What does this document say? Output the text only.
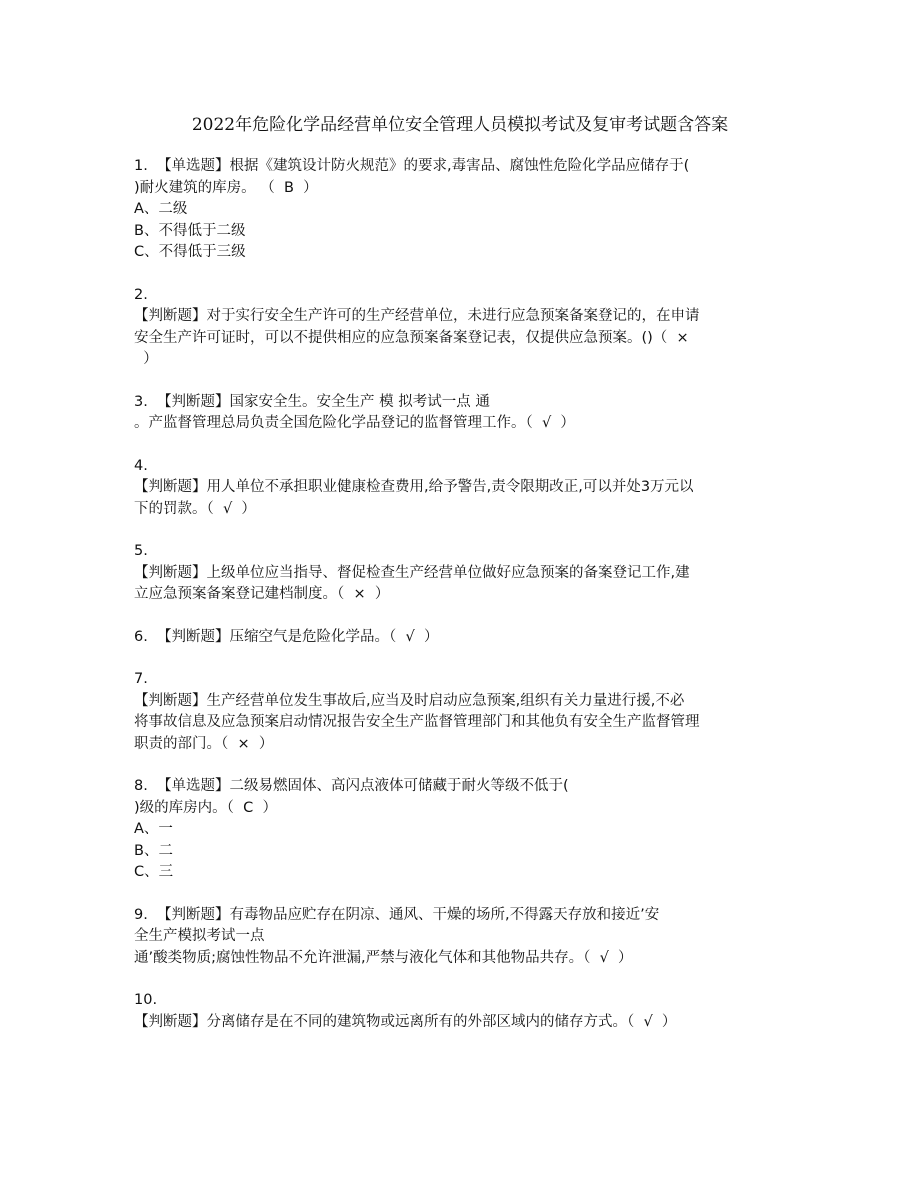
2022年危险化学品经营单位安全管理人员模拟考试及复审考试题含答案
1.  【单选题】根据《建筑设计防火规范》的要求,毒害品、腐蚀性危险化学品应储存于(
)耐火建筑的库房。 （  B  ）
A、二级
B、不得低于二级
C、不得低于三级
2.
【判断题】对于实行安全生产许可的生产经营单位，未进行应急预案备案登记的，在申请
安全生产许可证时，可以不提供相应的应急预案备案登记表，仅提供应急预案。()（  ×
）
3.  【判断题】国家安全生。安全生产 模 拟考试一点 通
。产监督管理总局负责全国危险化学品登记的监督管理工作。（  √  ）
4.
【判断题】用人单位不承担职业健康检查费用,给予警告,责令限期改正,可以并处3万元以
下的罚款。（  √  ）
5.
【判断题】上级单位应当指导、督促检查生产经营单位做好应急预案的备案登记工作,建
立应急预案备案登记建档制度。（  ×  ）
6.  【判断题】压缩空气是危险化学品。（  √  ）
7.
【判断题】生产经营单位发生事故后,应当及时启动应急预案,组织有关力量进行援,不必
将事故信息及应急预案启动情况报告安全生产监督管理部门和其他负有安全生产监督管理
职责的部门。（  ×  ）
8.  【单选题】二级易燃固体、高闪点液体可储藏于耐火等级不低于(
)级的库房内。（  C  ）
A、一
B、二
C、三
9.  【判断题】有毒物品应贮存在阴凉、通风、干燥的场所,不得露天存放和接近’安
全生产模拟考试一点
通’酸类物质;腐蚀性物品不允许泄漏,严禁与液化气体和其他物品共存。（  √  ）
10.
【判断题】分离储存是在不同的建筑物或远离所有的外部区域内的储存方式。（  √  ）
